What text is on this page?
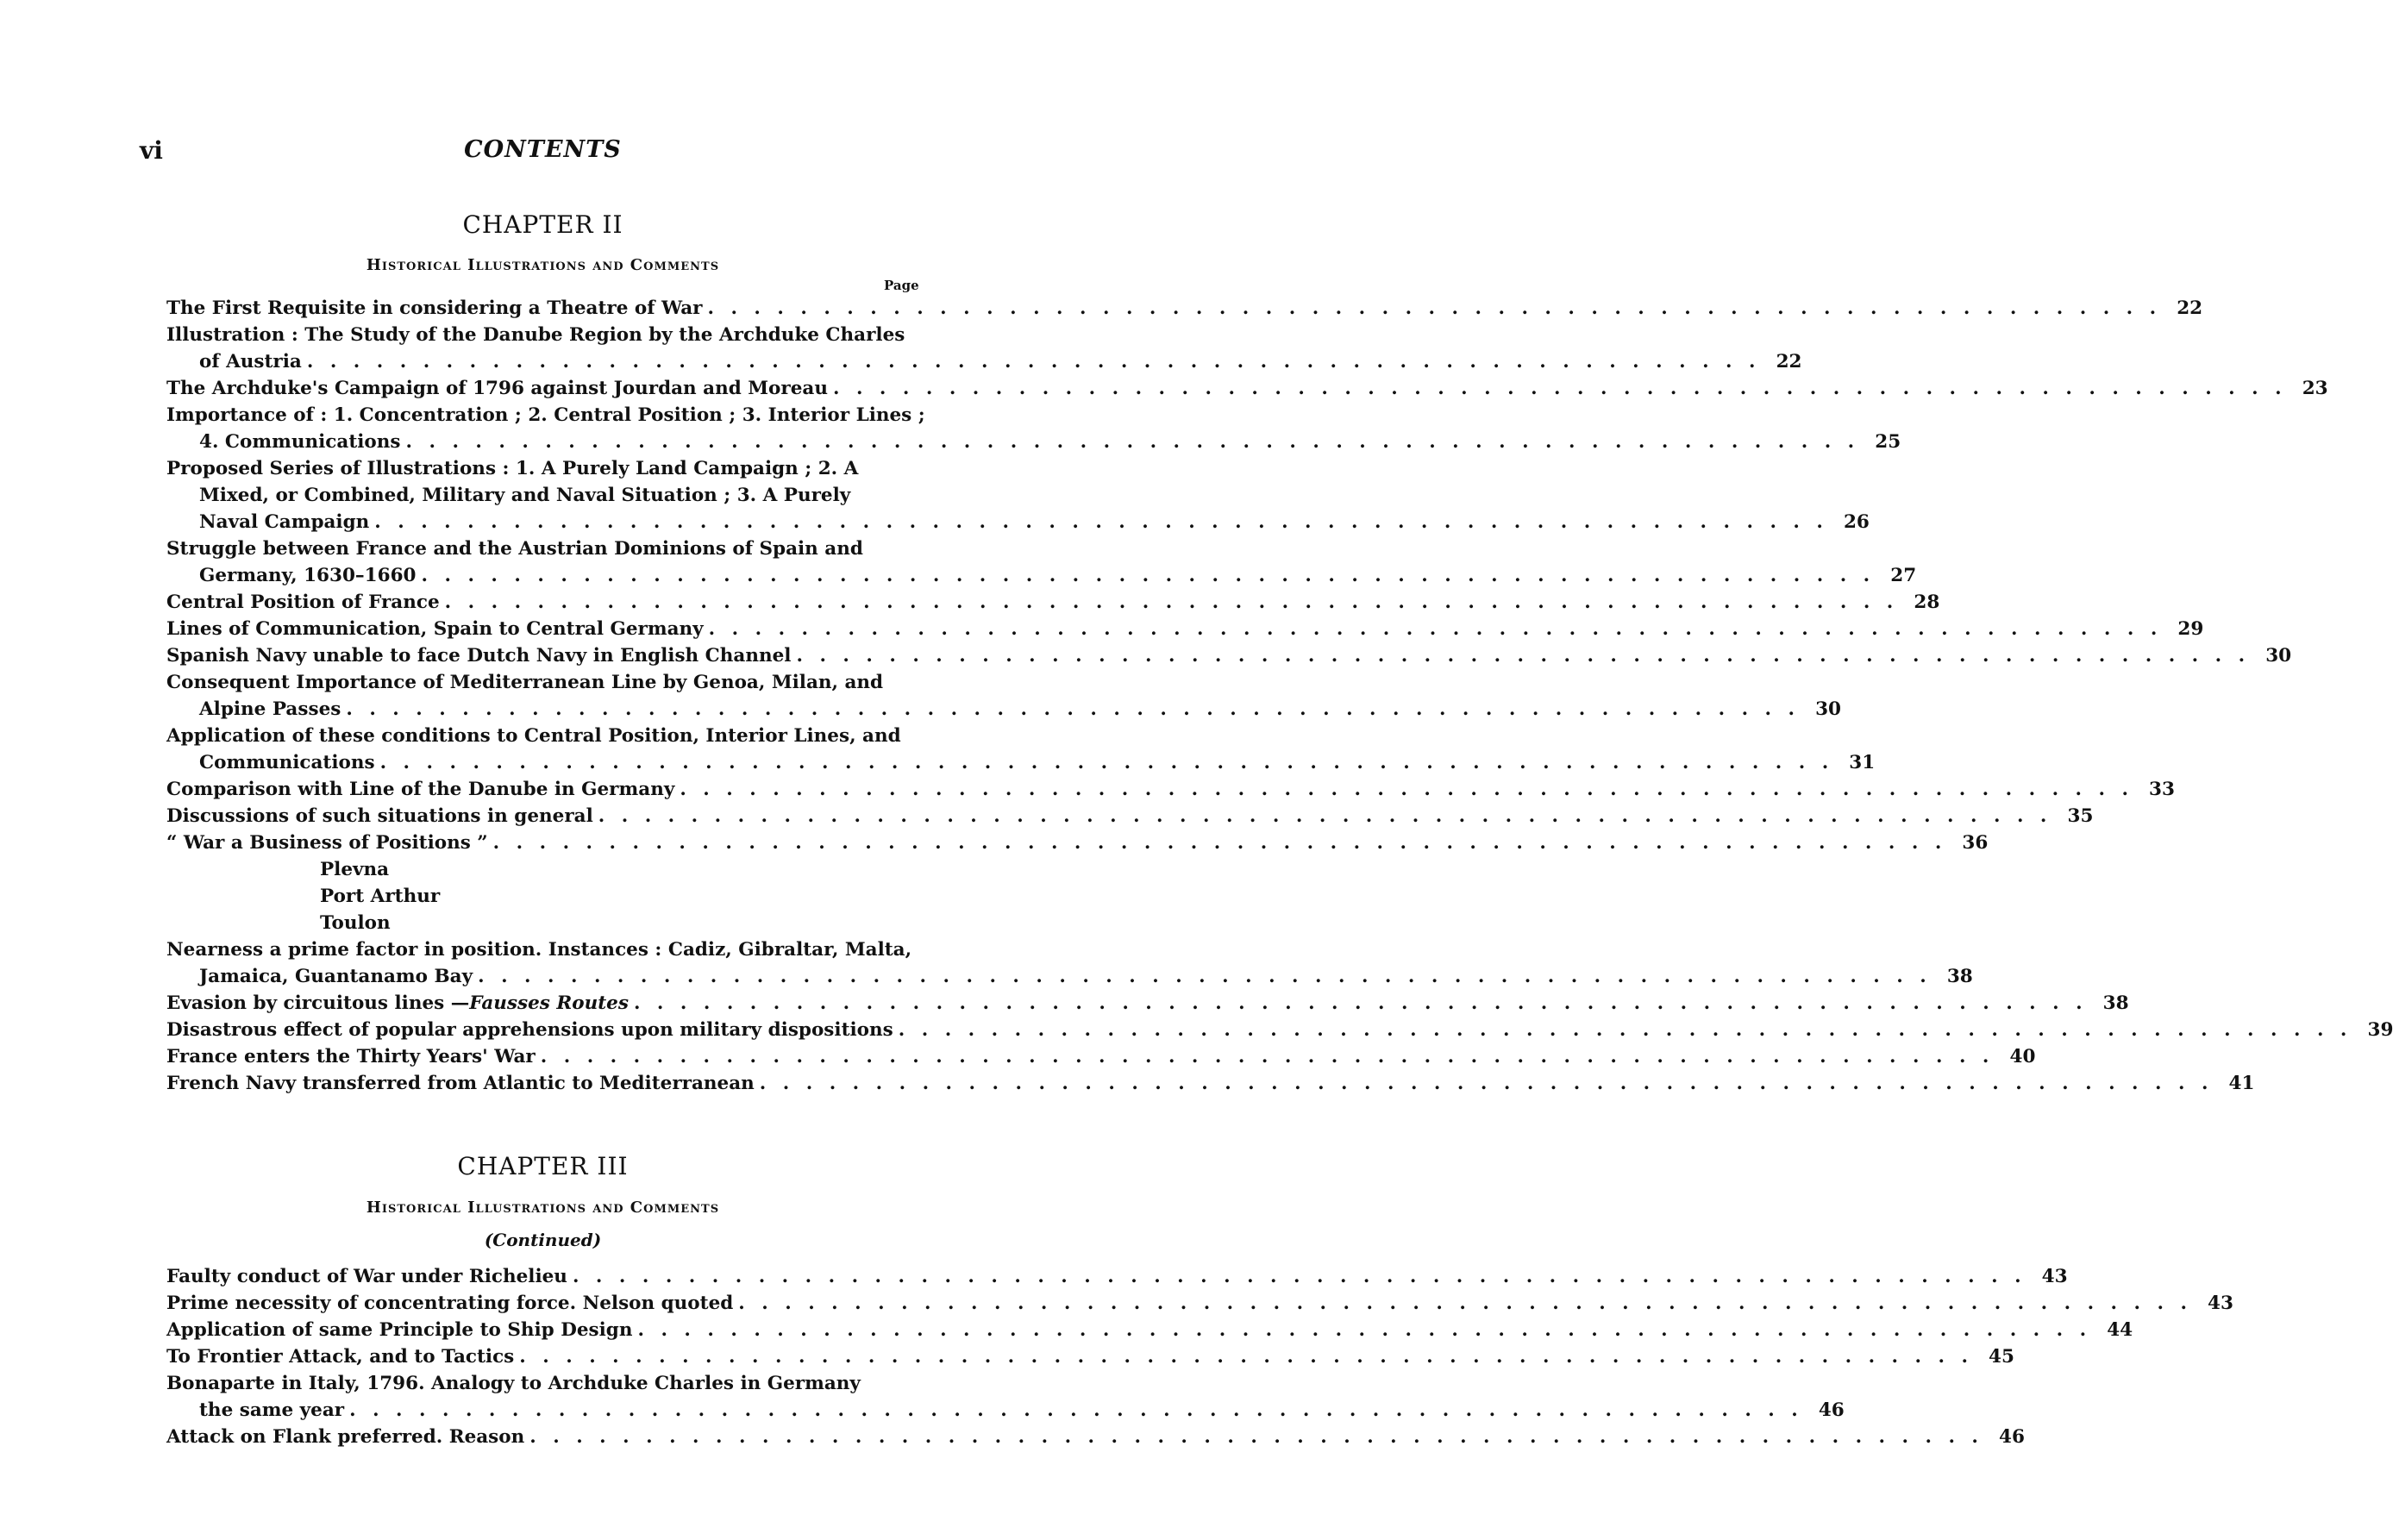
vi	CONTENTS
CHAPTER II
Historical Illustrations and Comments
Page
The First Requisite in considering a Theatre of War . . . . . . . . . . . . . . . . . . . . . . . . . . . . . . . . . . . . . . . . . . . . . . . . . . . . . . . . . . . . . . . 22
Illustration : The Study of the Danube Region by the Archduke Charles
of Austria . . . . . . . . . . . . . . . . . . . . . . . . . . . . . . . . . . . . . . . . . . . . . . . . . . . . . . . . . . . . . . . 22
The Archduke's Campaign of 1796 against Jourdan and Moreau . . . . . . . . . . . . . . . . . . . . . . . . . . . . . . . . . . . . . . . . . . . . . . . . . . . . . . . . . . . . . . . 23
Importance of : 1. Concentration ; 2. Central Position ; 3. Interior Lines ;
4. Communications . . . . . . . . . . . . . . . . . . . . . . . . . . . . . . . . . . . . . . . . . . . . . . . . . . . . . . . . . . . . . . . 25
Proposed Series of Illustrations : 1. A Purely Land Campaign ; 2. A
Mixed, or Combined, Military and Naval Situation ; 3. A Purely
Naval Campaign . . . . . . . . . . . . . . . . . . . . . . . . . . . . . . . . . . . . . . . . . . . . . . . . . . . . . . . . . . . . . . . 26
Struggle between France and the Austrian Dominions of Spain and
Germany, 1630–1660 . . . . . . . . . . . . . . . . . . . . . . . . . . . . . . . . . . . . . . . . . . . . . . . . . . . . . . . . . . . . . . . 27
Central Position of France . . . . . . . . . . . . . . . . . . . . . . . . . . . . . . . . . . . . . . . . . . . . . . . . . . . . . . . . . . . . . . . 28
Lines of Communication, Spain to Central Germany . . . . . . . . . . . . . . . . . . . . . . . . . . . . . . . . . . . . . . . . . . . . . . . . . . . . . . . . . . . . . . . 29
Spanish Navy unable to face Dutch Navy in English Channel . . . . . . . . . . . . . . . . . . . . . . . . . . . . . . . . . . . . . . . . . . . . . . . . . . . . . . . . . . . . . . . 30
Consequent Importance of Mediterranean Line by Genoa, Milan, and
Alpine Passes . . . . . . . . . . . . . . . . . . . . . . . . . . . . . . . . . . . . . . . . . . . . . . . . . . . . . . . . . . . . . . . 30
Application of these conditions to Central Position, Interior Lines, and
Communications . . . . . . . . . . . . . . . . . . . . . . . . . . . . . . . . . . . . . . . . . . . . . . . . . . . . . . . . . . . . . . . 31
Comparison with Line of the Danube in Germany . . . . . . . . . . . . . . . . . . . . . . . . . . . . . . . . . . . . . . . . . . . . . . . . . . . . . . . . . . . . . . . 33
Discussions of such situations in general . . . . . . . . . . . . . . . . . . . . . . . . . . . . . . . . . . . . . . . . . . . . . . . . . . . . . . . . . . . . . . . 35
“ War a Business of Positions ” . . . . . . . . . . . . . . . . . . . . . . . . . . . . . . . . . . . . . . . . . . . . . . . . . . . . . . . . . . . . . . . 36
Plevna
Port Arthur
Toulon
Nearness a prime factor in position. Instances : Cadiz, Gibraltar, Malta,
Jamaica, Guantanamo Bay . . . . . . . . . . . . . . . . . . . . . . . . . . . . . . . . . . . . . . . . . . . . . . . . . . . . . . . . . . . . . . . 38
Evasion by circuitous lines — Fausses Routes . . . . . . . . . . . . . . . . . . . . . . . . . . . . . . . . . . . . . . . . . . . . . . . . . . . . . . . . . . . . . . . 38
Disastrous effect of popular apprehensions upon military dispositions . . . . . . . . . . . . . . . . . . . . . . . . . . . . . . . . . . . . . . . . . . . . . . . . . . . . . . . . . . . . . . . 39
France enters the Thirty Years' War . . . . . . . . . . . . . . . . . . . . . . . . . . . . . . . . . . . . . . . . . . . . . . . . . . . . . . . . . . . . . . . 40
French Navy transferred from Atlantic to Mediterranean . . . . . . . . . . . . . . . . . . . . . . . . . . . . . . . . . . . . . . . . . . . . . . . . . . . . . . . . . . . . . . . 41
CHAPTER III
Historical Illustrations and Comments
(Continued)
Faulty conduct of War under Richelieu . . . . . . . . . . . . . . . . . . . . . . . . . . . . . . . . . . . . . . . . . . . . . . . . . . . . . . . . . . . . . . . 43
Prime necessity of concentrating force. Nelson quoted . . . . . . . . . . . . . . . . . . . . . . . . . . . . . . . . . . . . . . . . . . . . . . . . . . . . . . . . . . . . . . . 43
Application of same Principle to Ship Design . . . . . . . . . . . . . . . . . . . . . . . . . . . . . . . . . . . . . . . . . . . . . . . . . . . . . . . . . . . . . . . 44
To Frontier Attack, and to Tactics . . . . . . . . . . . . . . . . . . . . . . . . . . . . . . . . . . . . . . . . . . . . . . . . . . . . . . . . . . . . . . . 45
Bonaparte in Italy, 1796. Analogy to Archduke Charles in Germany
the same year . . . . . . . . . . . . . . . . . . . . . . . . . . . . . . . . . . . . . . . . . . . . . . . . . . . . . . . . . . . . . . . 46
Attack on Flank preferred. Reason . . . . . . . . . . . . . . . . . . . . . . . . . . . . . . . . . . . . . . . . . . . . . . . . . . . . . . . . . . . . . . . 46
